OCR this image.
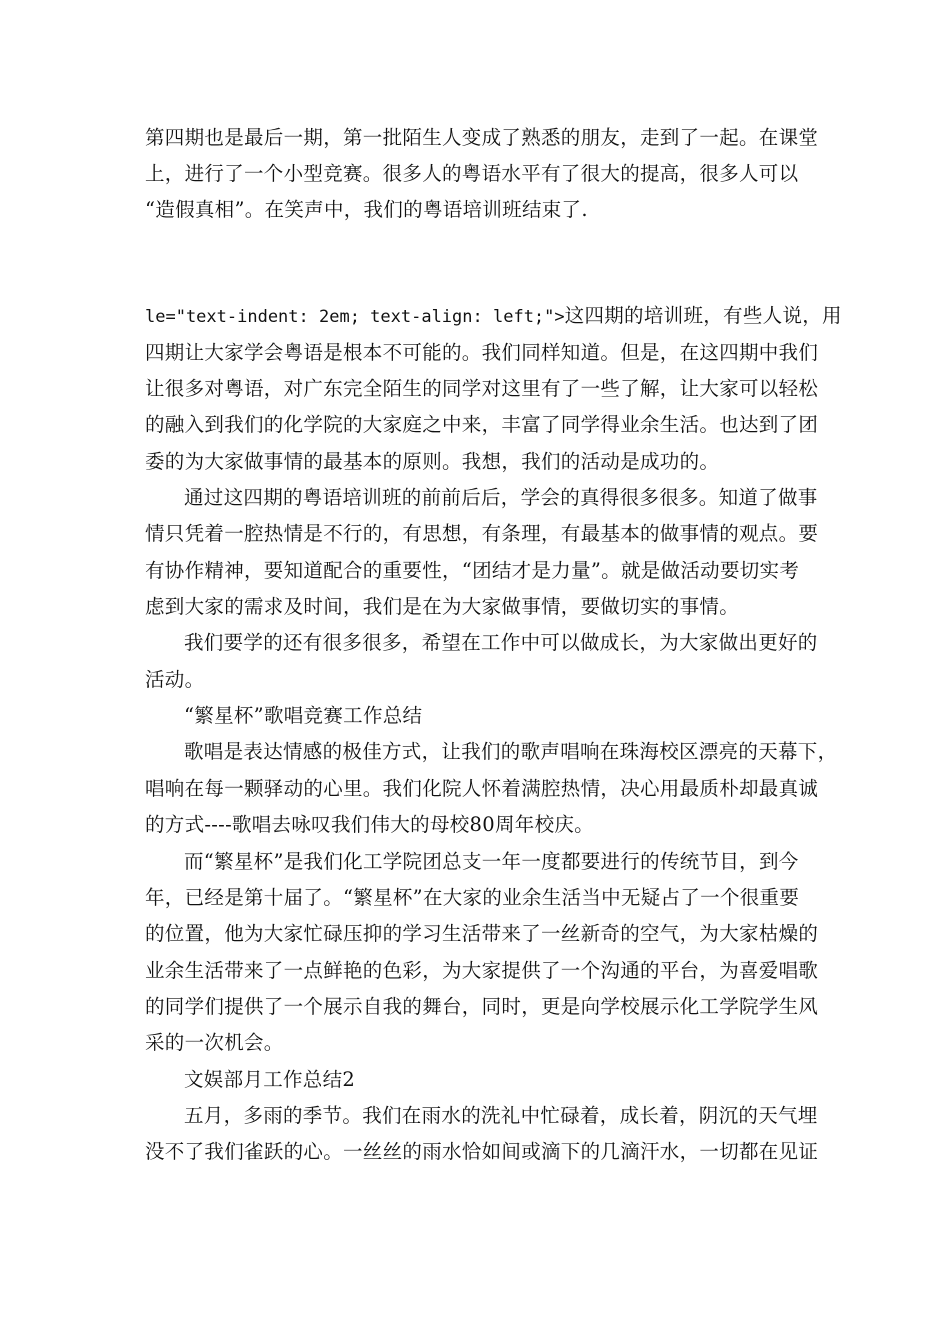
第四期也是最后一期，第一批陌生人变成了熟悉的朋友，走到了一起。在课堂
上，进行了一个小型竞赛。很多人的粤语水平有了很大的提高，很多人可以
“造假真相”。在笑声中，我们的粤语培训班结束了.
le="text-indent: 2em; text-align: left;">这四期的培训班，有些人说，用
四期让大家学会粤语是根本不可能的。我们同样知道。但是，在这四期中我们
让很多对粤语，对广东完全陌生的同学对这里有了一些了解，让大家可以轻松
的融入到我们的化学院的大家庭之中来，丰富了同学得业余生活。也达到了团
委的为大家做事情的最基本的原则。我想，我们的活动是成功的。
通过这四期的粤语培训班的前前后后，学会的真得很多很多。知道了做事
情只凭着一腔热情是不行的，有思想，有条理，有最基本的做事情的观点。要
有协作精神，要知道配合的重要性，“团结才是力量”。就是做活动要切实考
虑到大家的需求及时间，我们是在为大家做事情，要做切实的事情。
我们要学的还有很多很多，希望在工作中可以做成长，为大家做出更好的
活动。
“繁星杯”歌唱竞赛工作总结
歌唱是表达情感的极佳方式，让我们的歌声唱响在珠海校区漂亮的天幕下，
唱响在每一颗驿动的心里。我们化院人怀着满腔热情，决心用最质朴却最真诚
的方式----歌唱去咏叹我们伟大的母校80周年校庆。
而“繁星杯”是我们化工学院团总支一年一度都要进行的传统节目，到今
年，已经是第十届了。“繁星杯”在大家的业余生活当中无疑占了一个很重要
的位置，他为大家忙碌压抑的学习生活带来了一丝新奇的空气，为大家枯燥的
业余生活带来了一点鲜艳的色彩，为大家提供了一个沟通的平台，为喜爱唱歌
的同学们提供了一个展示自我的舞台，同时，更是向学校展示化工学院学生风
采的一次机会。
文娱部月工作总结2
五月，多雨的季节。我们在雨水的洗礼中忙碌着，成长着，阴沉的天气埋
没不了我们雀跃的心。一丝丝的雨水恰如间或滴下的几滴汗水，一切都在见证
